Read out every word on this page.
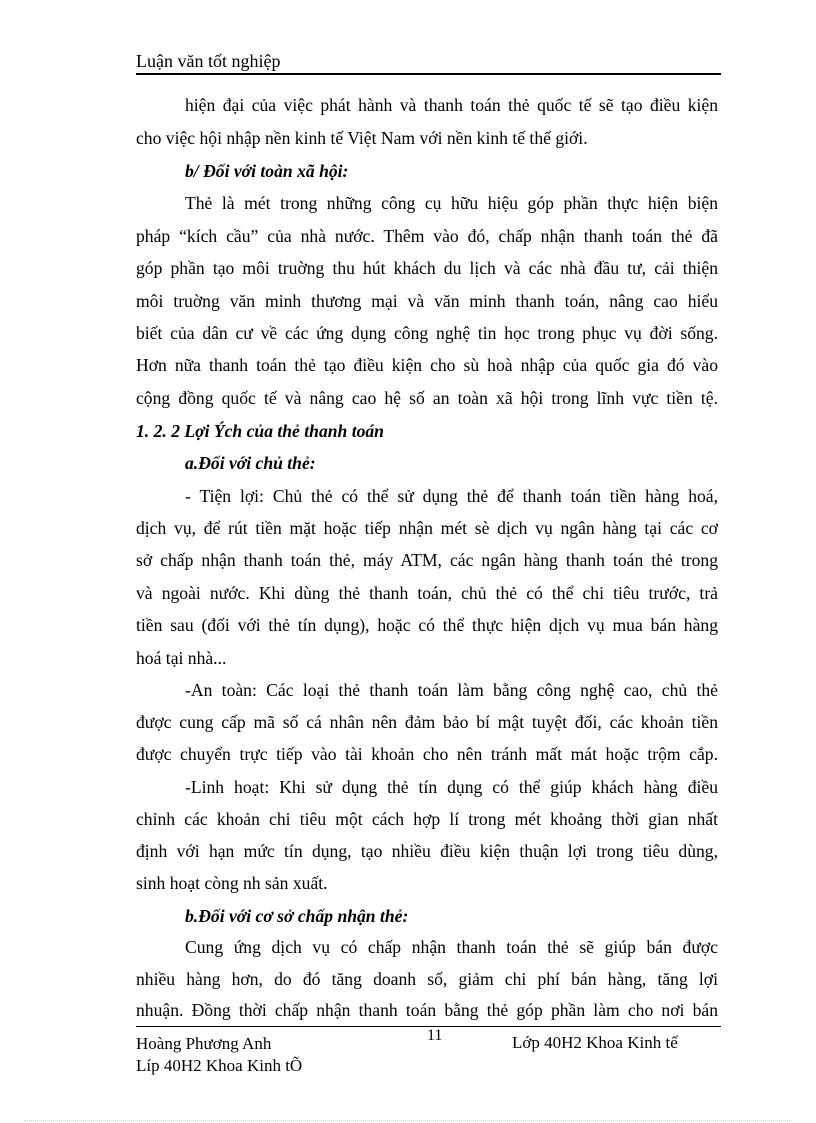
Luận văn tốt nghiệp
hiện đại của việc phát hành và thanh toán thẻ quốc tế sẽ tạo điều kiện
cho việc hội nhập nền kinh tế Việt Nam với nền kinh tế thế giới.
b/ Đối với toàn xã hội:
Thẻ là mét trong những công cụ hữu hiệu góp phần thực hiện biện
pháp “kích cầu” của nhà nước. Thêm vào đó, chấp nhận thanh toán thẻ đã
góp phần tạo môi truờng thu hút khách du lịch và các nhà đầu tư, cải thiện
môi truờng văn minh thương mại và văn minh thanh toán, nâng cao hiểu
biết của dân cư về các ứng dụng công nghệ tin học trong phục vụ đời sống.
Hơn nữa thanh toán thẻ tạo điều kiện cho sù hoà nhập của quốc gia đó vào
cộng đồng quốc tế và nâng cao hệ số an toàn xã hội trong lĩnh vực tiền tệ.
1. 2. 2 Lợi Ých của thẻ thanh toán
a.Đối với chủ thẻ:
- Tiện lợi: Chủ thẻ có thể sử dụng thẻ để thanh toán tiền hàng hoá,
dịch vụ, để rút tiền mặt hoặc tiếp nhận mét sè dịch vụ ngân hàng tại các cơ
sở chấp nhận thanh toán thẻ, máy ATM, các ngân hàng thanh toán thẻ trong
và ngoài nước. Khi dùng thẻ thanh toán, chủ thẻ có thể chi tiêu trước, trả
tiền sau (đối với thẻ tín dụng), hoặc có thể thực hiện dịch vụ mua bán hàng
hoá tại nhà...
-An toàn: Các loại thẻ thanh toán làm bằng công nghệ cao, chủ thẻ
được cung cấp mã số cá nhân nên đảm bảo bí mật tuyệt đối, các khoản tiền
được chuyển trực tiếp vào tài khoản cho nên tránh mất mát hoặc trộm cắp.
-Linh hoạt: Khi sử dụng thẻ tín dụng có thể giúp khách hàng điều
chỉnh các khoản chi tiêu một cách hợp lí trong mét khoảng thời gian nhất
định với hạn mức tín dụng, tạo nhiều điều kiện thuận lợi trong tiêu dùng,
sinh hoạt còng nh sản xuất.
b.Đối với cơ sở chấp nhận thẻ:
Cung ứng dịch vụ có chấp nhận thanh toán thẻ sẽ giúp bán được
nhiều hàng hơn, do đó tăng doanh số, giảm chi phí bán hàng, tăng lợi
nhuận. Đồng thời chấp nhận thanh toán bằng thẻ góp phần làm cho nơi bán
Hoàng Phương Anh	11	Lớp 40H2 Khoa Kinh tế
Líp 40H2 Khoa Kinh tÕ
